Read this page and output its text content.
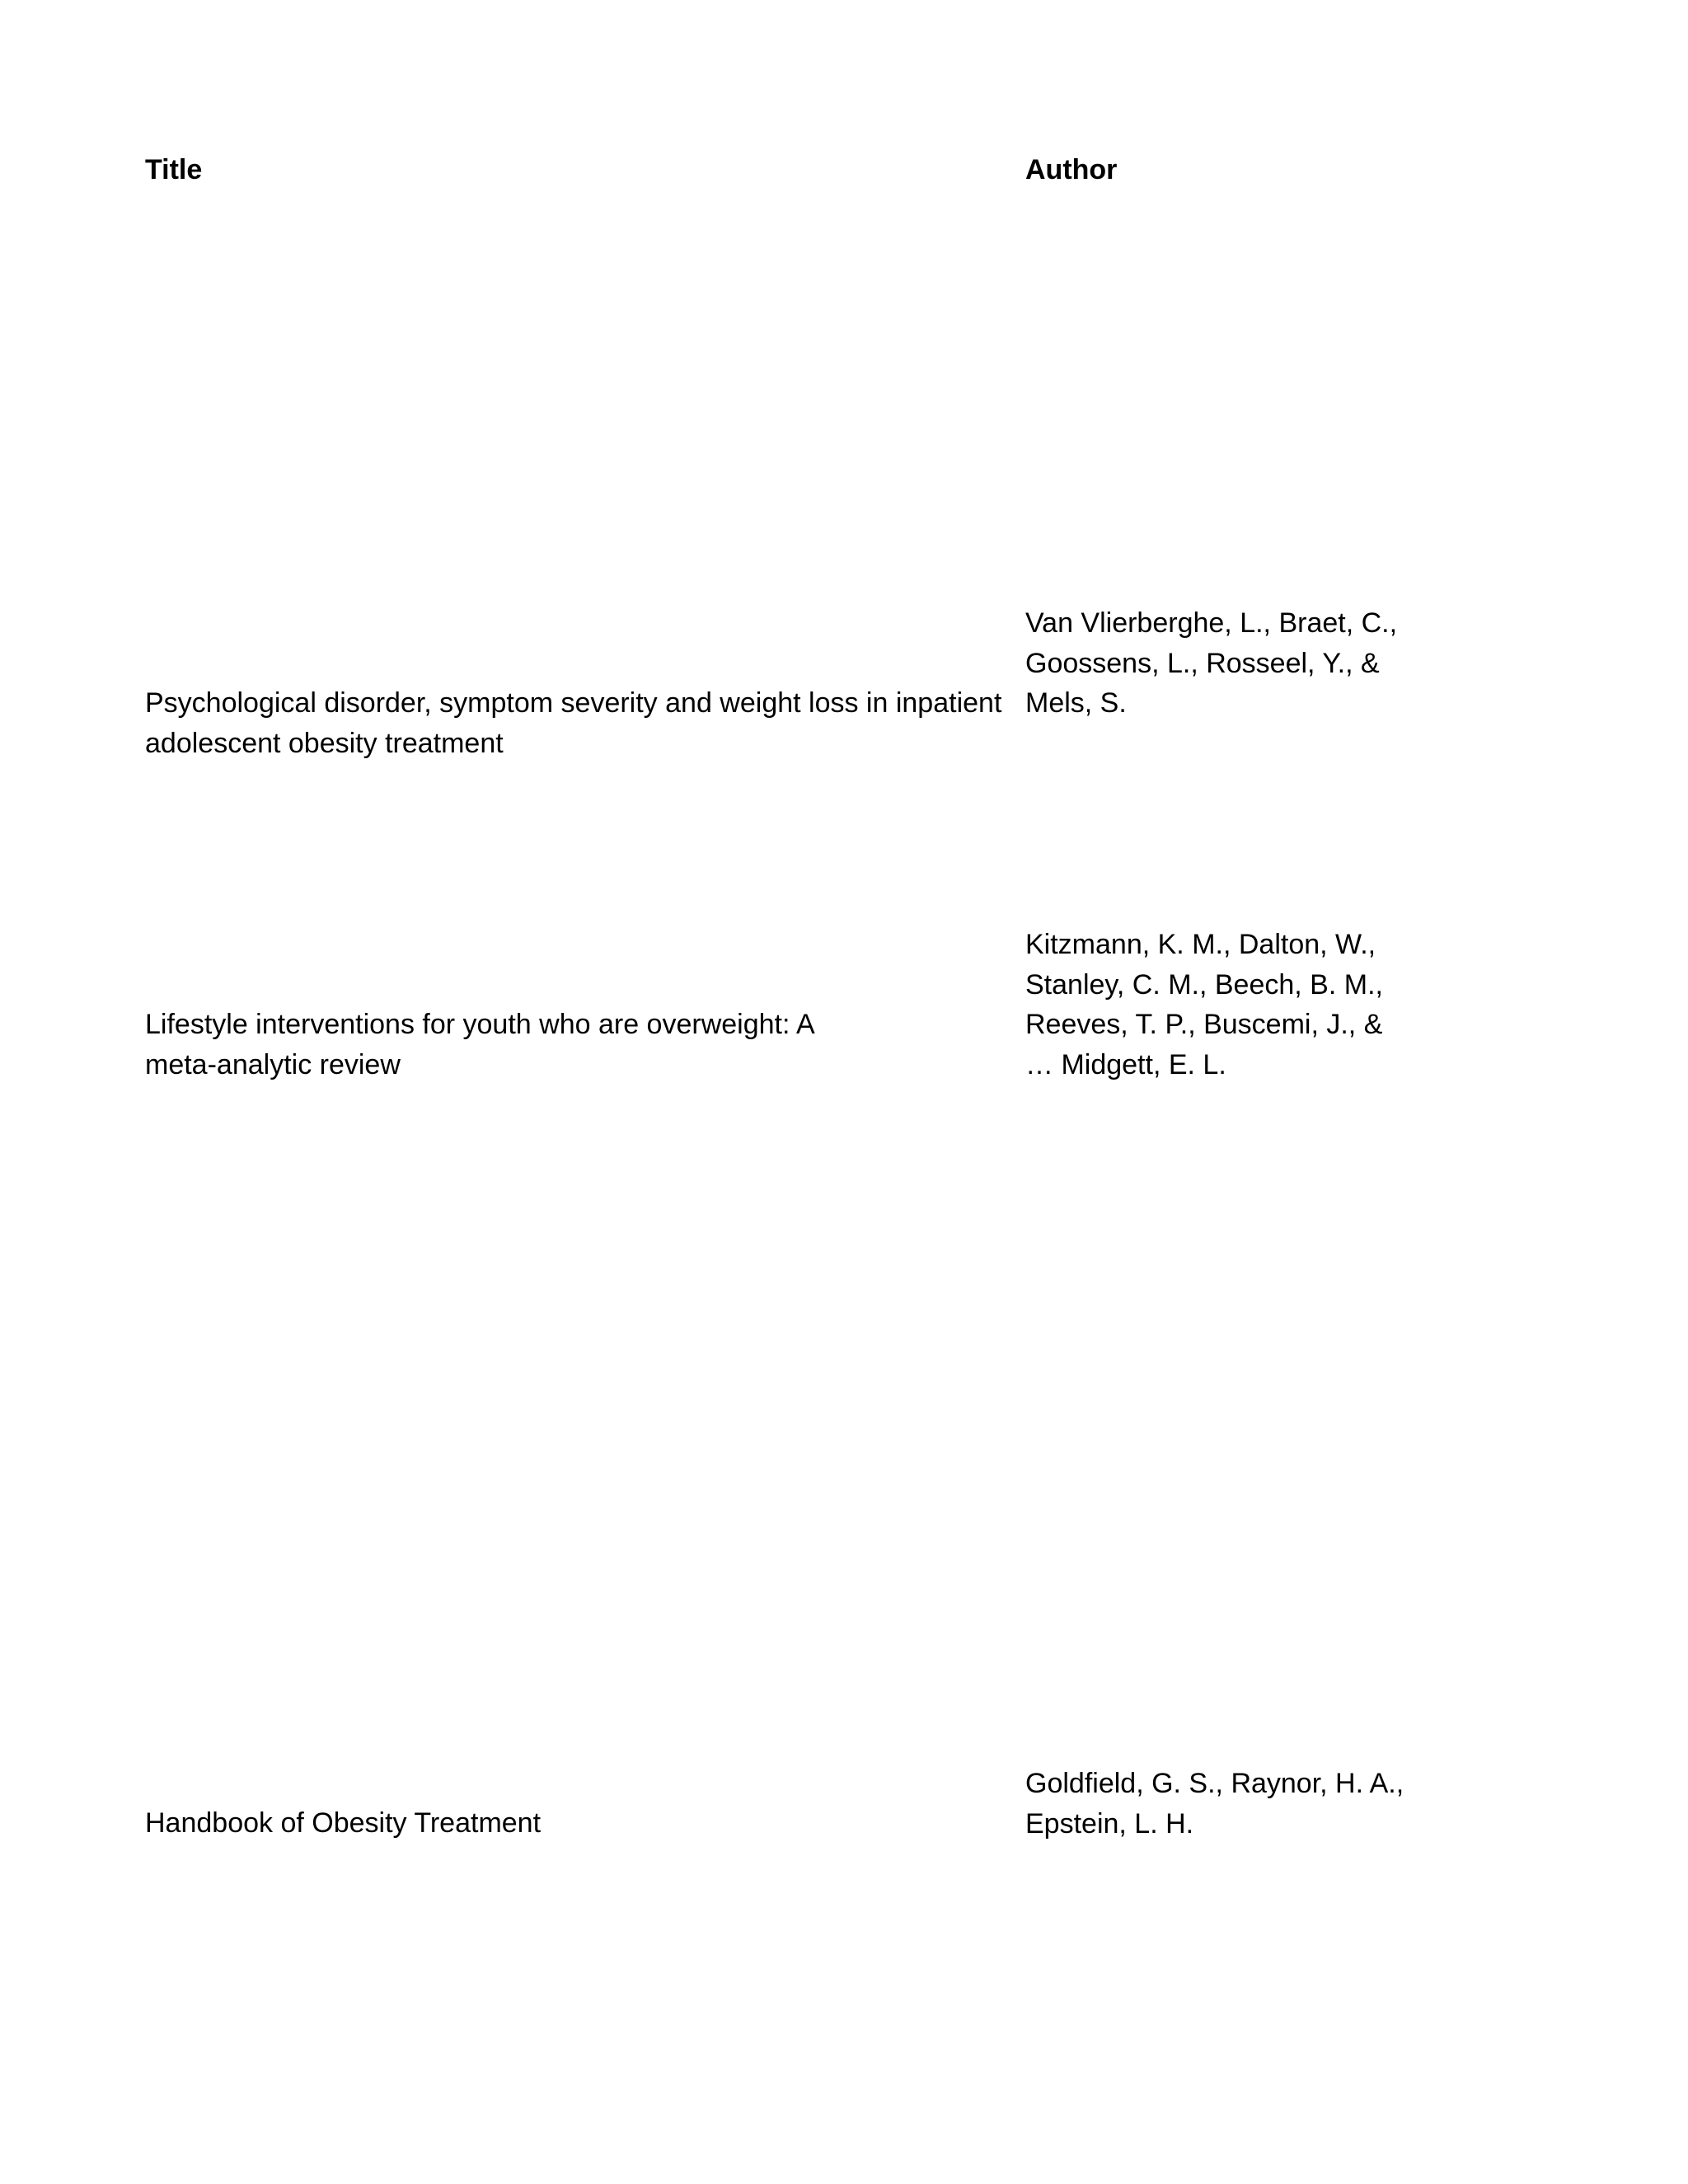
Title	Author
Psychological disorder, symptom severity and weight loss in inpatient
adolescent obesity treatment
Van Vlierberghe, L., Braet, C.,
Goossens, L., Rosseel, Y., &
Mels, S.
Lifestyle interventions for youth who are overweight: A
meta-analytic review
Kitzmann, K. M., Dalton, W.,
Stanley, C. M., Beech, B. M.,
Reeves, T. P., Buscemi, J., &
… Midgett, E. L.
Handbook of Obesity Treatment
Goldfield, G. S., Raynor, H. A.,
Epstein, L. H.
